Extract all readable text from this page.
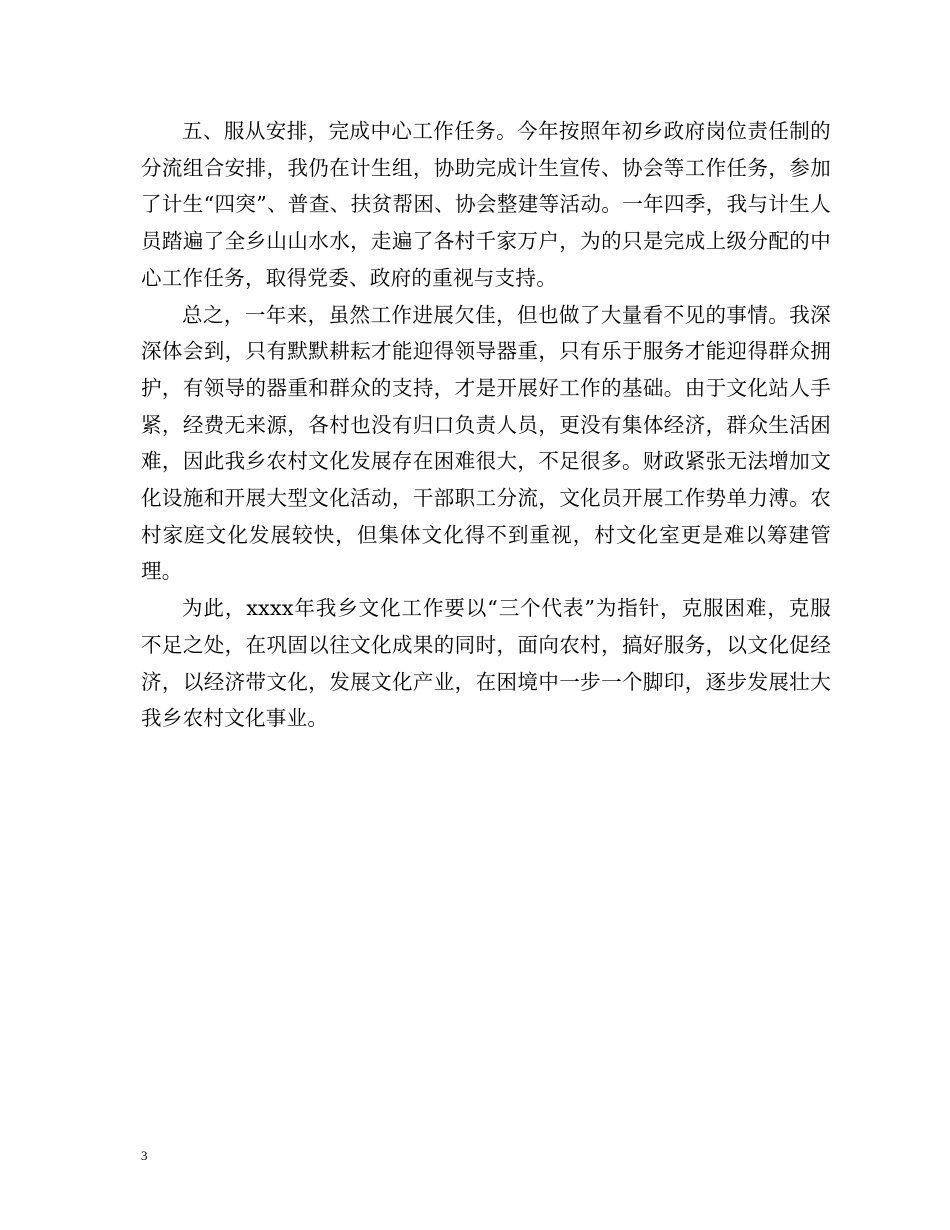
五、服从安排，完成中心工作任务。今年按照年初乡政府岗位责任制的分流组合安排，我仍在计生组，协助完成计生宣传、协会等工作任务，参加了计生“四突”、普查、扶贫帮困、协会整建等活动。一年四季，我与计生人员踏遍了全乡山山水水，走遍了各村千家万户，为的只是完成上级分配的中心工作任务，取得党委、政府的重视与支持。

总之，一年来，虽然工作进展欠佳，但也做了大量看不见的事情。我深深体会到，只有默默耕耘才能迎得领导器重，只有乐于服务才能迎得群众拥护，有领导的器重和群众的支持，才是开展好工作的基础。由于文化站人手紧，经费无来源，各村也没有归口负责人员，更没有集体经济，群众生活困难，因此我乡农村文化发展存在困难很大，不足很多。财政紧张无法增加文化设施和开展大型文化活动，干部职工分流，文化员开展工作势单力溥。农村家庭文化发展较快，但集体文化得不到重视，村文化室更是难以筹建管理。

为此，xxxx年我乡文化工作要以“三个代表”为指针，克服困难，克服不足之处，在巩固以往文化成果的同时，面向农村，搞好服务，以文化促经济，以经济带文化，发展文化产业，在困境中一步一个脚印，逐步发展壮大我乡农村文化事业。

3
